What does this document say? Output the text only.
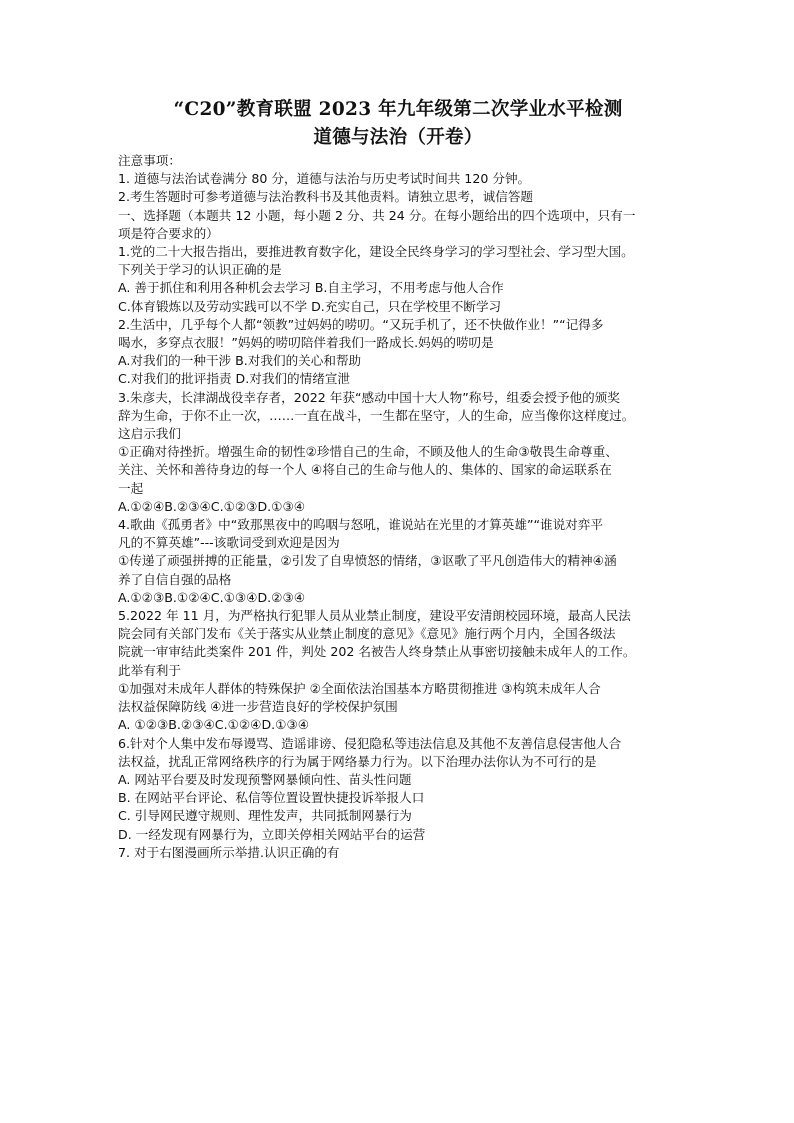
“C20”教育联盟 2023 年九年级第二次学业水平检测
道德与法治（开卷）
注意事项：
1. 道德与法治试卷满分 80 分，道德与法治与历史考试时间共 120 分钟。
2.考生答题时可参考道德与法治教科书及其他责料。请独立思考，诚信答题
一、选择题（本题共 12 小题，每小题 2 分、共 24 分。在每小题给出的四个选项中，只有一
项是符合要求的）
1.党的二十大报告指出，要推进教育数字化，建设全民终身学习的学习型社会、学习型大国。
下列关于学习的认识正确的是
A. 善于抓住和利用各种机会去学习 B.自主学习，不用考虑与他人合作
C.体育锻炼以及劳动实践可以不学 D.充实自己，只在学校里不断学习
2.生活中，几乎每个人都“领教”过妈妈的唠叨。“又玩手机了，还不快做作业！”“记得多
喝水，多穿点衣服！”妈妈的唠叨陪伴着我们一路成长.妈妈的唠叨是
A.对我们的一种干涉 B.对我们的关心和帮助
C.对我们的批评指责 D.对我们的情绪宣泄
3.朱彦夫，长津湖战役幸存者，2022 年获“感动中国十大人物”称号，组委会授予他的颁奖
辞为生命，于你不止一次，……一直在战斗，一生都在坚守，人的生命，应当像你这样度过。
这启示我们
①正确对待挫折。增强生命的韧性②珍惜自己的生命，不顾及他人的生命③敬畏生命尊重、
关注、关怀和善待身边的每一个人 ④将自己的生命与他人的、集体的、国家的命运联系在
一起
A.①②④B.②③④C.①②③D.①③④
4.歌曲《孤勇者》中“致那黑夜中的呜咽与怒吼，谁说站在光里的才算英雄”“谁说对弈平
凡的不算英雄”---该歌词受到欢迎是因为
①传递了顽强拼搏的正能量，②引发了自卑愤怒的情绪，③讴歌了平凡创造伟大的精神④涵
养了自信自强的品格
A.①②③B.①②④C.①③④D.②③④
5.2022 年 11 月，为严格执行犯罪人员从业禁止制度，建设平安清朗校园环境，最高人民法
院会同有关部门发布《关于落实从业禁止制度的意见》《意见》施行两个月内，全国各级法
院就一审审结此类案件 201 件，判处 202 名被告人终身禁止从事密切接触未成年人的工作。
此举有利于
①加强对未成年人群体的特殊保护 ②全面依法治国基本方略贯彻推进 ③构筑未成年人合
法权益保障防线 ④进一步营造良好的学校保护氛围
A. ①②③B.②③④C.①②④D.①③④
6.针对个人集中发布辱谩骂、造谣诽谤、侵犯隐私等违法信息及其他不友善信息侵害他人合
法权益，扰乱正常网络秩序的行为属于网络暴力行为。以下治理办法你认为不可行的是
A. 网站平台要及时发现预警网暴倾向性、苗头性问题
B. 在网站平台评论、私信等位置设置快捷投诉举报人口
C. 引导网民遵守规则、理性发声，共同抵制网暴行为
D. 一经发现有网暴行为，立即关停相关网站平台的运营
7. 对于右图漫画所示举措.认识正确的有
